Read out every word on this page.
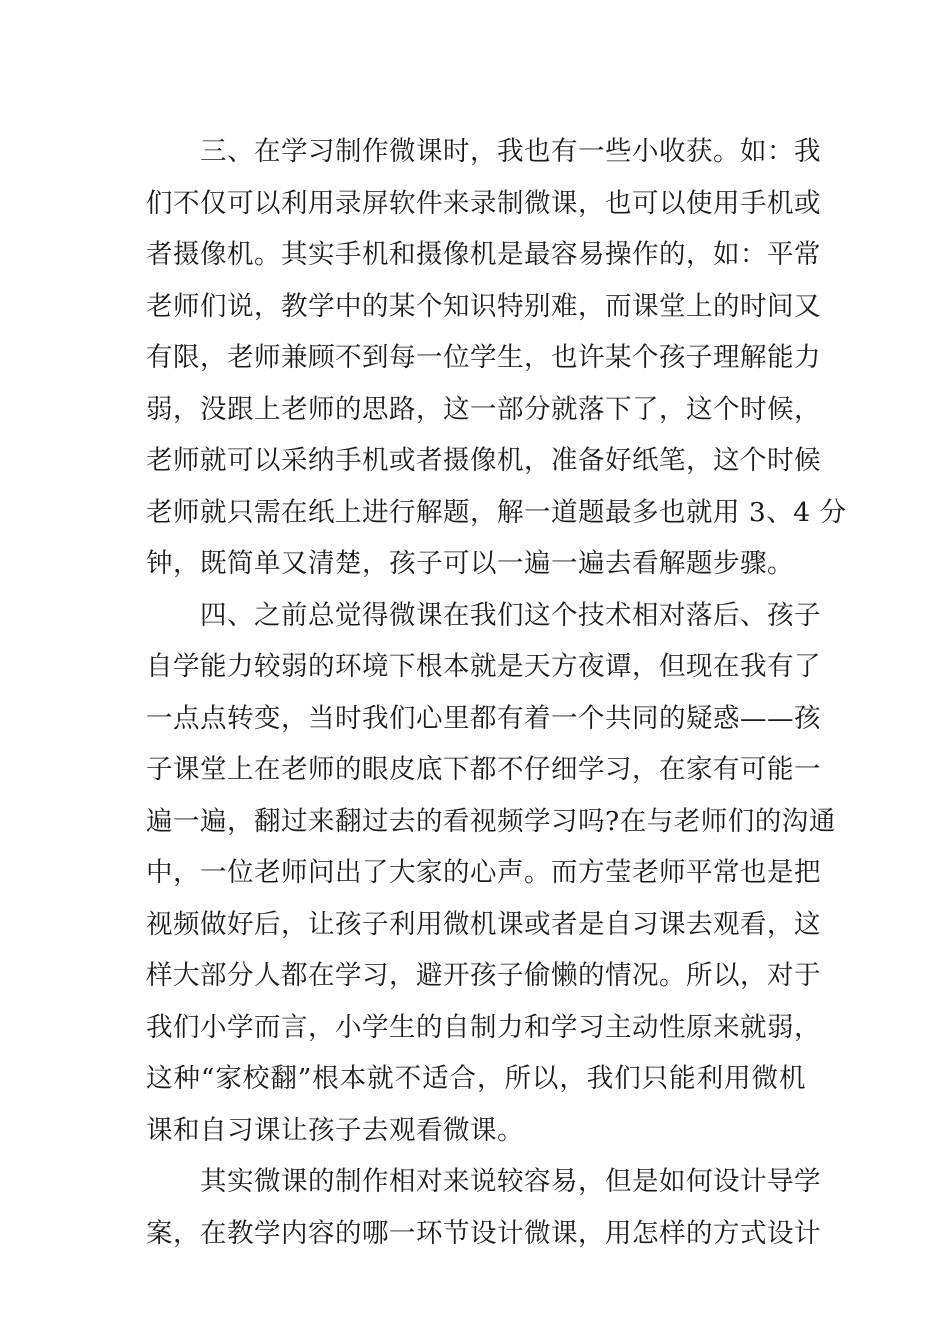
三、在学习制作微课时，我也有一些小收获。如：我
们不仅可以利用录屏软件来录制微课，也可以使用手机或
者摄像机。其实手机和摄像机是最容易操作的，如：平常
老师们说，教学中的某个知识特别难，而课堂上的时间又
有限，老师兼顾不到每一位学生，也许某个孩子理解能力
弱，没跟上老师的思路，这一部分就落下了，这个时候，
老师就可以采纳手机或者摄像机，准备好纸笔，这个时候
老师就只需在纸上进行解题，解一道题最多也就用 3、4 分
钟，既简单又清楚，孩子可以一遍一遍去看解题步骤。
四、之前总觉得微课在我们这个技术相对落后、孩子
自学能力较弱的环境下根本就是天方夜谭，但现在我有了
一点点转变，当时我们心里都有着一个共同的疑惑——孩
子课堂上在老师的眼皮底下都不仔细学习，在家有可能一
遍一遍，翻过来翻过去的看视频学习吗?在与老师们的沟通
中，一位老师问出了大家的心声。而方莹老师平常也是把
视频做好后，让孩子利用微机课或者是自习课去观看，这
样大部分人都在学习，避开孩子偷懒的情况。所以，对于
我们小学而言，小学生的自制力和学习主动性原来就弱，
这种“家校翻”根本就不适合，所以，我们只能利用微机
课和自习课让孩子去观看微课。
其实微课的制作相对来说较容易，但是如何设计导学
案，在教学内容的哪一环节设计微课，用怎样的方式设计
